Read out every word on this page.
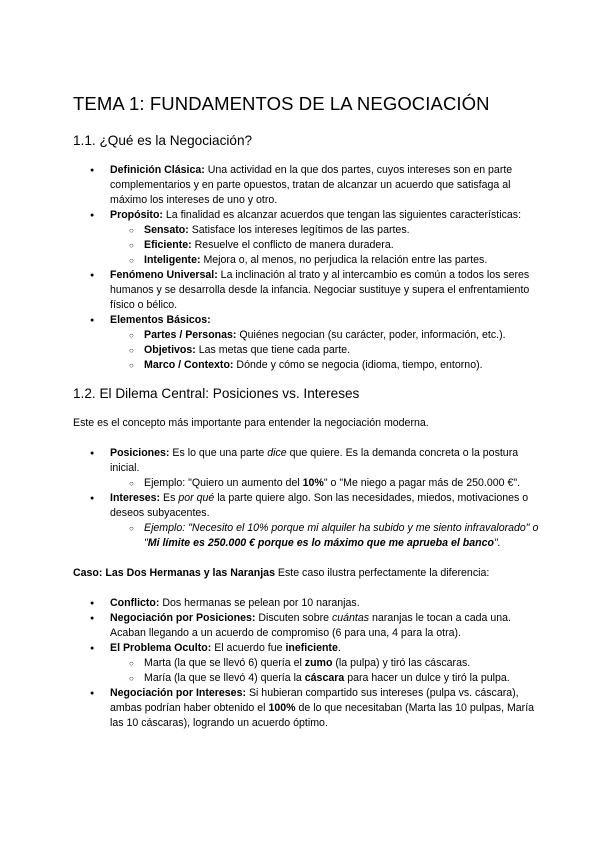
TEMA 1: FUNDAMENTOS DE LA NEGOCIACIÓN
1.1. ¿Qué es la Negociación?
● Definición Clásica: Una actividad en la que dos partes, cuyos intereses son en parte complementarios y en parte opuestos, tratan de alcanzar un acuerdo que satisfaga al máximo los intereses de uno y otro.
● Propósito: La finalidad es alcanzar acuerdos que tengan las siguientes características:
○ Sensato: Satisface los intereses legítimos de las partes.
○ Eficiente: Resuelve el conflicto de manera duradera.
○ Inteligente: Mejora o, al menos, no perjudica la relación entre las partes.
● Fenómeno Universal: La inclinación al trato y al intercambio es común a todos los seres humanos y se desarrolla desde la infancia. Negociar sustituye y supera el enfrentamiento físico o bélico.
● Elementos Básicos:
○ Partes / Personas: Quiénes negocian (su carácter, poder, información, etc.).
○ Objetivos: Las metas que tiene cada parte.
○ Marco / Contexto: Dónde y cómo se negocia (idioma, tiempo, entorno).
1.2. El Dilema Central: Posiciones vs. Intereses

Este es el concepto más importante para entender la negociación moderna.

● Posiciones: Es lo que una parte dice que quiere. Es la demanda concreta o la postura inicial.
○ Ejemplo: "Quiero un aumento del 10%" o "Me niego a pagar más de 250.000 €".
● Intereses: Es por qué la parte quiere algo. Son las necesidades, miedos, motivaciones o deseos subyacentes.
○ Ejemplo: "Necesito el 10% porque mi alquiler ha subido y me siento infravalorado" o "Mi límite es 250.000 € porque es lo máximo que me aprueba el banco".

Caso: Las Dos Hermanas y las Naranjas Este caso ilustra perfectamente la diferencia:

● Conflicto: Dos hermanas se pelean por 10 naranjas.
● Negociación por Posiciones: Discuten sobre cuántas naranjas le tocan a cada una. Acaban llegando a un acuerdo de compromiso (6 para una, 4 para la otra).
● El Problema Oculto: El acuerdo fue ineficiente.
○ Marta (la que se llevó 6) quería el zumo (la pulpa) y tiró las cáscaras.
○ María (la que se llevó 4) quería la cáscara para hacer un dulce y tiró la pulpa.
● Negociación por Intereses: Si hubieran compartido sus intereses (pulpa vs. cáscara), ambas podrían haber obtenido el 100% de lo que necesitaban (Marta las 10 pulpas, María las 10 cáscaras), logrando un acuerdo óptimo.
